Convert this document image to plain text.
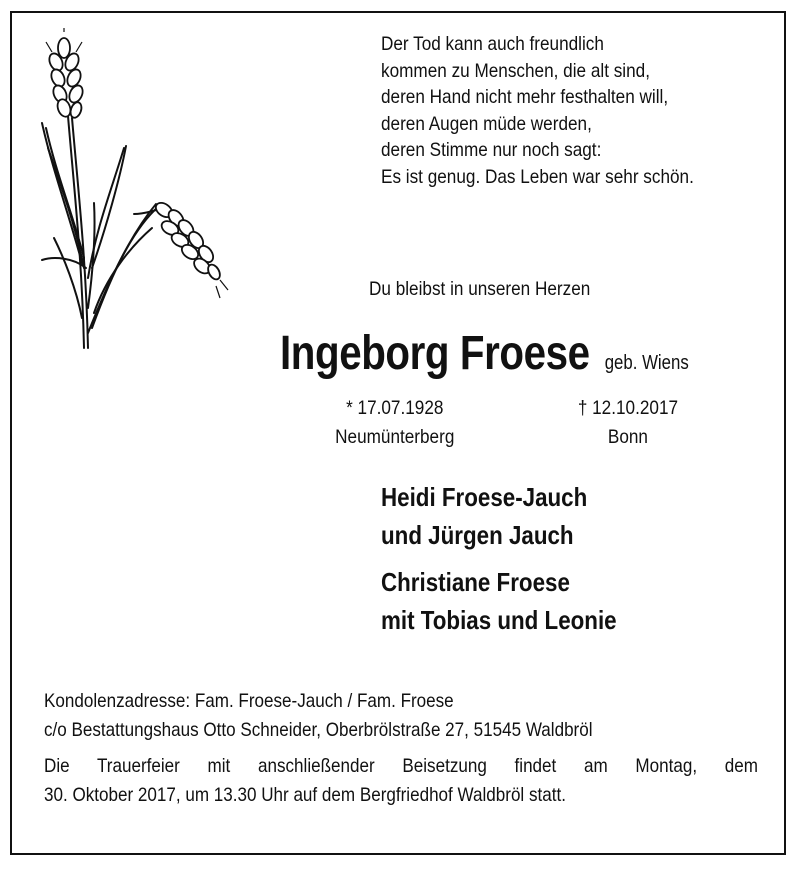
Der Tod kann auch freundlich
kommen zu Menschen, die alt sind,
deren Hand nicht mehr festhalten will,
deren Augen müde werden,
deren Stimme nur noch sagt:
Es ist genug. Das Leben war sehr schön.
Du bleibst in unseren Herzen
Ingeborg Froese geb. Wiens
* 17.07.1928
Neumünterberg
† 12.10.2017
Bonn
Heidi Froese-Jauch
und Jürgen Jauch
Christiane Froese
mit Tobias und Leonie
Kondolenzadresse: Fam. Froese-Jauch / Fam. Froese
c/o Bestattungshaus Otto Schneider, Oberbrölstraße 27, 51545 Waldbröl
Die Trauerfeier mit anschließender Beisetzung findet am Montag, dem
30. Oktober 2017, um 13.30 Uhr auf dem Bergfriedhof Waldbröl statt.
